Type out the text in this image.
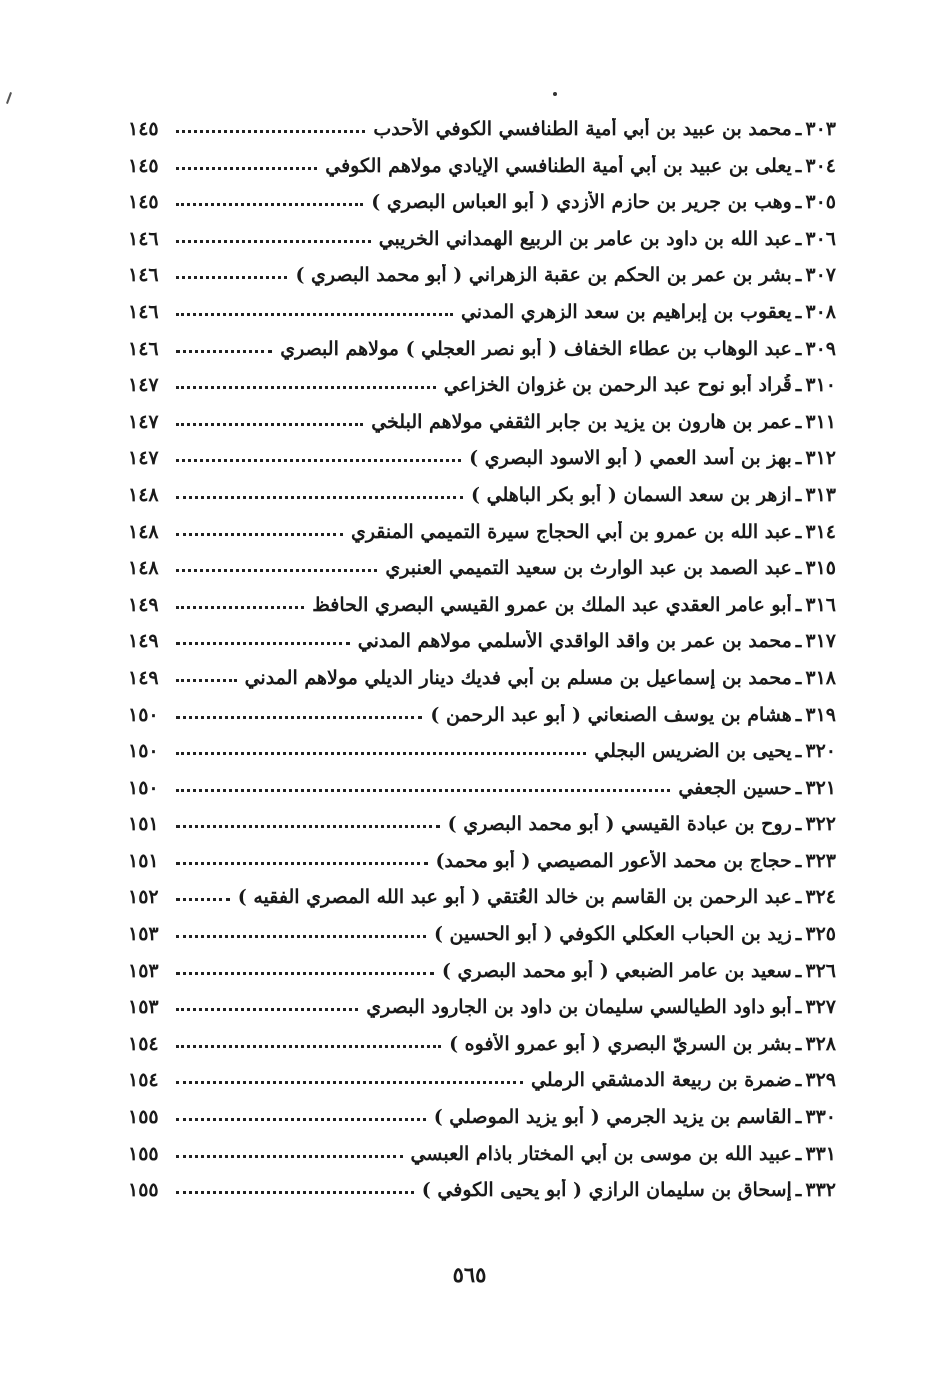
٣٠٣
ـ
محمد بن عبيد بن أبي أمية الطنافسي الكوفي الأحدب
١٤٥
٣٠٤
ـ
يعلى بن عبيد بن أبي أمية الطنافسي الإيادي مولاهم الكوفي
١٤٥
٣٠٥
ـ
وهب بن جرير بن حازم الأزدي ( أبو العباس البصري )
١٤٥
٣٠٦
ـ
عبد الله بن داود بن عامر بن الربيع الهمداني الخريبي
١٤٦
٣٠٧
ـ
بشر بن عمر بن الحكم بن عقبة الزهراني ( أبو محمد البصري )
١٤٦
٣٠٨
ـ
يعقوب بن إبراهيم بن سعد الزهري المدني
١٤٦
٣٠٩
ـ
عبد الوهاب بن عطاء الخفاف ( أبو نصر العجلي ) مولاهم البصري
١٤٦
٣١٠
ـ
قُراد أبو نوح عبد الرحمن بن غزوان الخزاعي
١٤٧
٣١١
ـ
عمر بن هارون بن يزيد بن جابر الثقفي مولاهم البلخي
١٤٧
٣١٢
ـ
بهز بن أسد العمي ( أبو الاسود البصري )
١٤٧
٣١٣
ـ
ازهر بن سعد السمان ( أبو بكر الباهلي )
١٤٨
٣١٤
ـ
عبد الله بن عمرو بن أبي الحجاج سيرة التميمي المنقري
١٤٨
٣١٥
ـ
عبد الصمد بن عبد الوارث بن سعيد التميمي العنبري
١٤٨
٣١٦
ـ
أبو عامر العقدي عبد الملك بن عمرو القيسي البصري الحافظ
١٤٩
٣١٧
ـ
محمد بن عمر بن واقد الواقدي الأسلمي مولاهم المدني
١٤٩
٣١٨
ـ
محمد بن إسماعيل بن مسلم بن أبي فديك دينار الديلي مولاهم المدني
١٤٩
٣١٩
ـ
هشام بن يوسف الصنعاني ( أبو عبد الرحمن )
١٥٠
٣٢٠
ـ
يحيى بن الضريس البجلي
١٥٠
٣٢١
ـ
حسين الجعفي
١٥٠
٣٢٢
ـ
روح بن عبادة القيسي ( أبو محمد البصري )
١٥١
٣٢٣
ـ
حجاج بن محمد الأعور المصيصي ( أبو محمد)
١٥١
٣٢٤
ـ
عبد الرحمن بن القاسم بن خالد العُتقي ( أبو عبد الله المصري الفقيه )
١٥٢
٣٢٥
ـ
زيد بن الحباب العكلي الكوفي ( أبو الحسين )
١٥٣
٣٢٦
ـ
سعيد بن عامر الضبعي ( أبو محمد البصري )
١٥٣
٣٢٧
ـ
أبو داود الطيالسي سليمان بن داود بن الجارود البصري
١٥٣
٣٢٨
ـ
بشر بن السريّ البصري ( أبو عمرو الأفوه )
١٥٤
٣٢٩
ـ
ضمرة بن ربيعة الدمشقي الرملي
١٥٤
٣٣٠
ـ
القاسم بن يزيد الجرمي ( أبو يزيد الموصلي )
١٥٥
٣٣١
ـ
عبيد الله بن موسى بن أبي المختار باذام العبسي
١٥٥
٣٣٢
ـ
إسحاق بن سليمان الرازي ( أبو يحيى الكوفي )
١٥٥
٥٦٥
